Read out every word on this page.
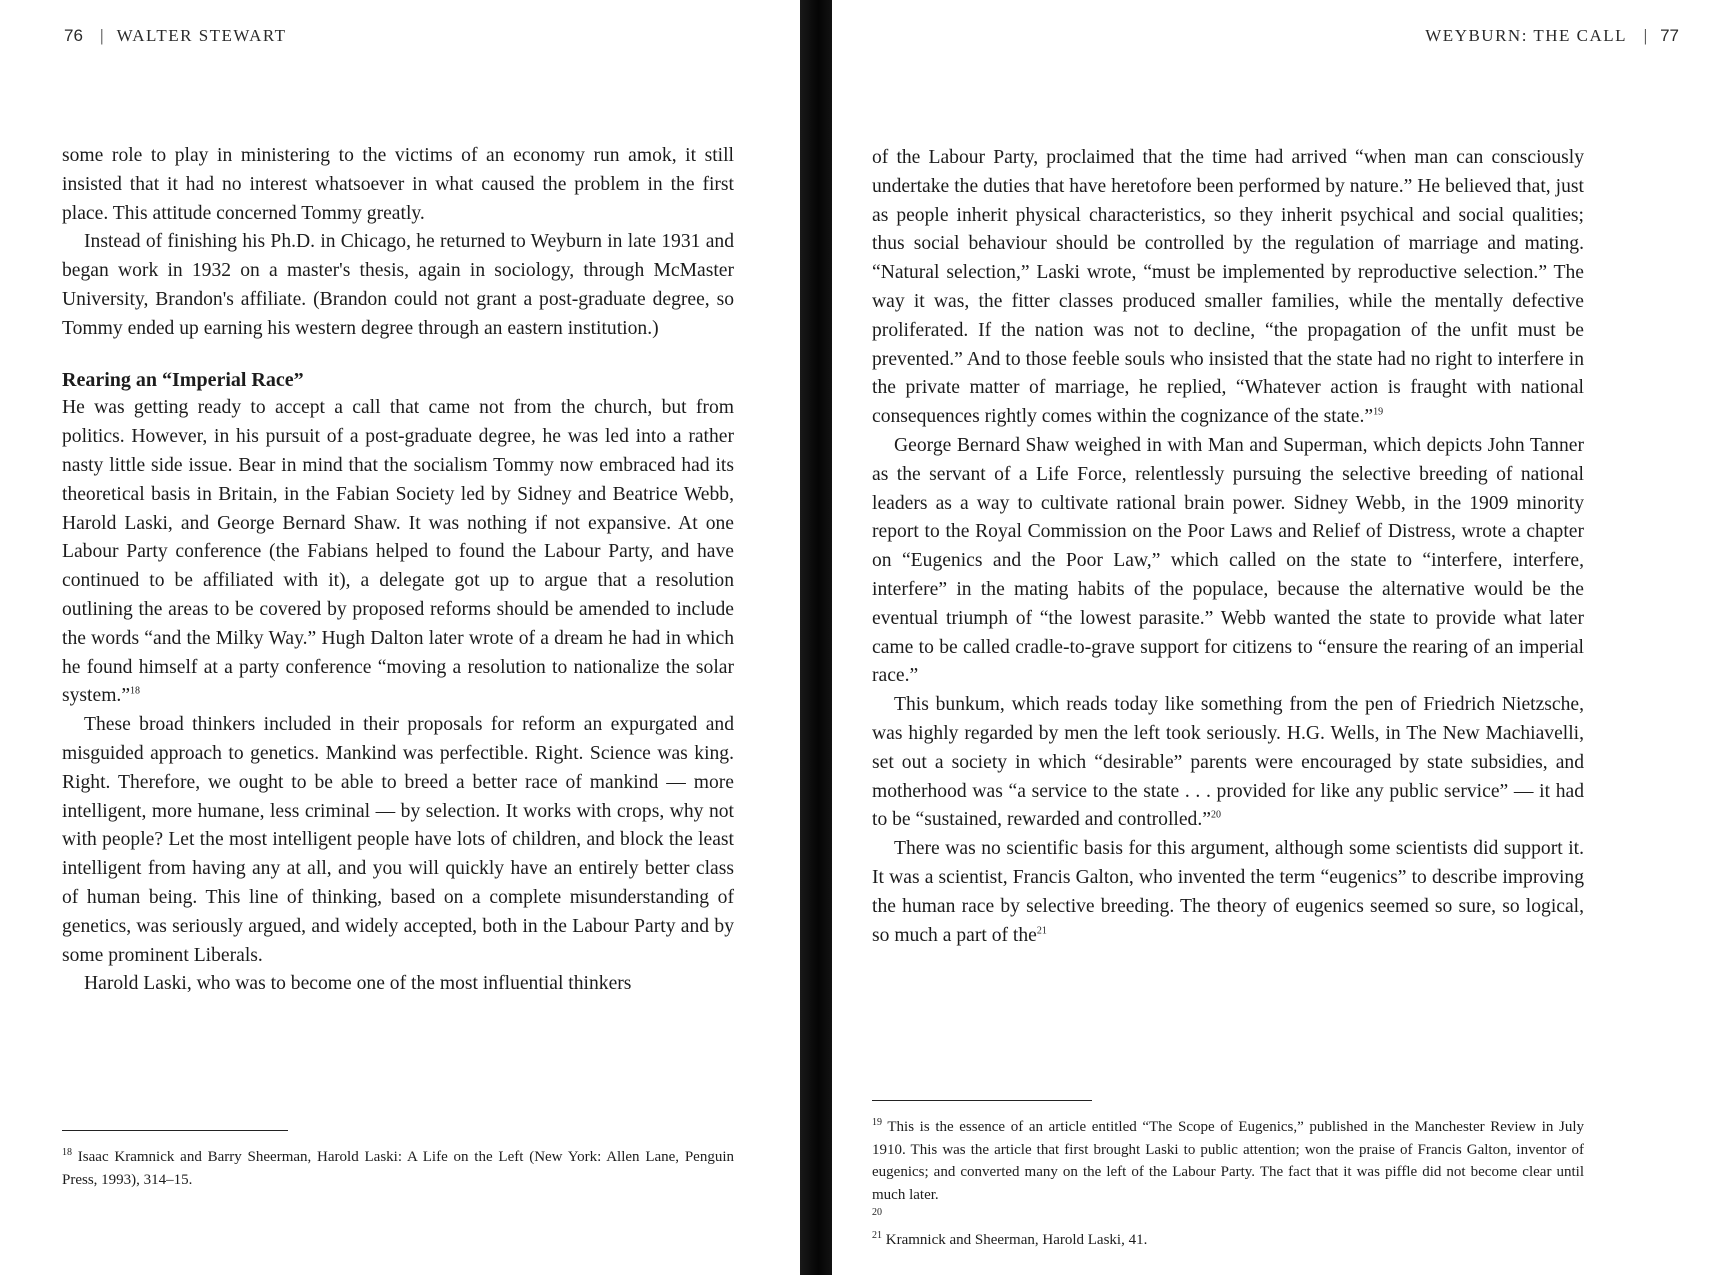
76   |  WALTER STEWART

some role to play in ministering to the victims of an economy run amok, it still insisted that it had no interest whatsoever in what caused the problem in the first place. This attitude concerned Tommy greatly.

Instead of finishing his Ph.D. in Chicago, he returned to Weyburn in late 1931 and began work in 1932 on a master's thesis, again in sociology, through McMaster University, Brandon's affiliate. (Brandon could not grant a post-graduate degree, so Tommy ended up earning his western degree through an eastern institution.)

Rearing an “Imperial Race”

He was getting ready to accept a call that came not from the church, but from politics. However, in his pursuit of a post-graduate degree, he was led into a rather nasty little side issue. Bear in mind that the socialism Tommy now embraced had its theoretical basis in Britain, in the Fabian Society led by Sidney and Beatrice Webb, Harold Laski, and George Bernard Shaw. It was nothing if not expansive. At one Labour Party conference (the Fabians helped to found the Labour Party, and have continued to be affiliated with it), a delegate got up to argue that a resolution outlining the areas to be covered by proposed reforms should be amended to include the words “and the Milky Way.” Hugh Dalton later wrote of a dream he had in which he found himself at a party conference “moving a resolution to nationalize the solar system.”$^{18}$

These broad thinkers included in their proposals for reform an expurgated and misguided approach to genetics. Mankind was perfectible. Right. Science was king. Right. Therefore, we ought to be able to breed a better race of mankind — more intelligent, more humane, less criminal — by selection. It works with crops, why not with people? Let the most intelligent people have lots of children, and block the least intelligent from having any at all, and you will quickly have an entirely better class of human being. This line of thinking, based on a complete misunderstanding of genetics, was seriously argued, and widely accepted, both in the Labour Party and by some prominent Liberals.

Harold Laski, who was to become one of the most influential thinkers

$^{18}$ Isaac Kramnick and Barry Sheerman, Harold Laski: A Life on the Left (New York: Allen Lane, Penguin Press, 1993), 314–15.

WEYBURN: THE CALL   |  77

of the Labour Party, proclaimed that the time had arrived “when man can consciously undertake the duties that have heretofore been performed by nature.” He believed that, just as people inherit physical characteristics, so they inherit psychical and social qualities; thus social behaviour should be controlled by the regulation of marriage and mating. “Natural selection,” Laski wrote, “must be implemented by reproductive selection.” The way it was, the fitter classes produced smaller families, while the mentally defective proliferated. If the nation was not to decline, “the propagation of the unfit must be prevented.” And to those feeble souls who insisted that the state had no right to interfere in the private matter of marriage, he replied, “Whatever action is fraught with national consequences rightly comes within the cognizance of the state.”$^{19}$

George Bernard Shaw weighed in with Man and Superman, which depicts John Tanner as the servant of a Life Force, relentlessly pursuing the selective breeding of national leaders as a way to cultivate rational brain power. Sidney Webb, in the 1909 minority report to the Royal Commission on the Poor Laws and Relief of Distress, wrote a chapter on “Eugenics and the Poor Law,” which called on the state to “interfere, interfere, interfere” in the mating habits of the populace, because the alternative would be the eventual triumph of “the lowest parasite.” Webb wanted the state to provide what later came to be called cradle-to-grave support for citizens to “ensure the rearing of an imperial race.”

This bunkum, which reads today like something from the pen of Friedrich Nietzsche, was highly regarded by men the left took seriously. H.G. Wells, in The New Machiavelli, set out a society in which “desirable” parents were encouraged by state subsidies, and motherhood was “a service to the state . . . provided for like any public service” — it had to be “sustained, rewarded and controlled.”$^{20}$

There was no scientific basis for this argument, although some scientists did support it. It was a scientist, Francis Galton, who invented the term “eugenics” to describe improving the human race by selective breeding. The theory of eugenics seemed so sure, so logical, so much a part of the$^{21}$

$^{19}$ This is the essence of an article entitled “The Scope of Eugenics,” published in the Manchester Review in July 1910. This was the article that first brought Laski to public attention; won the praise of Francis Galton, inventor of eugenics; and converted many on the left of the Labour Party. The fact that it was piffle did not become clear until much later.

$^{20}$

$^{21}$ Kramnick and Sheerman, Harold Laski, 41.
